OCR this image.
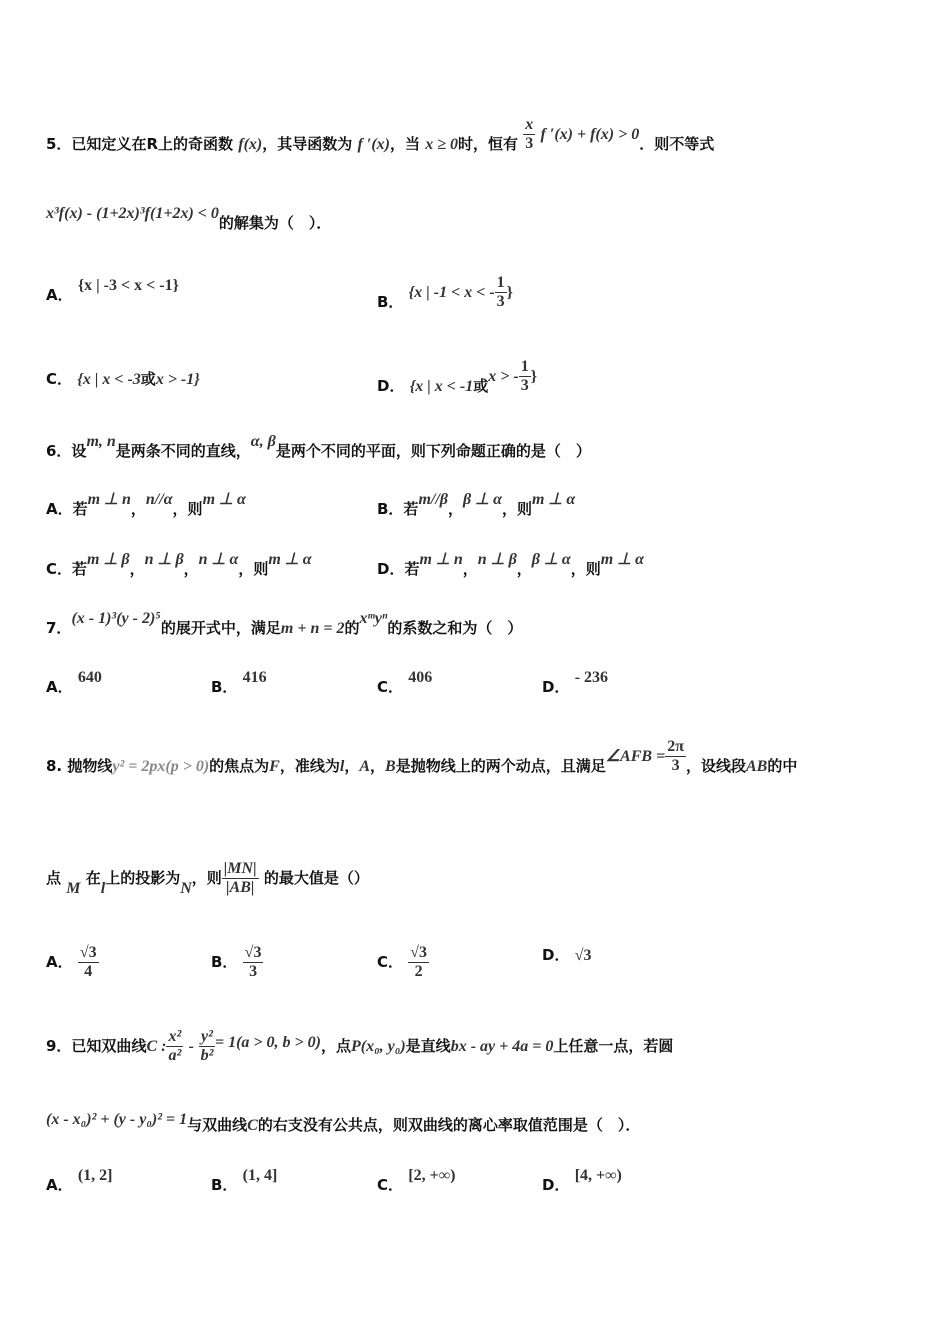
5．已知定义在R上的奇函数 f(x)，其导函数为 f ′(x)，当 x ≥ 0时，恒有 $\frac{x}{3}$ f ′(x) + f(x) > 0．则不等式
x³f(x) - (1+2x)³f(1+2x) < 0的解集为（　）．
A． {x | -3 < x < -1}
B． {x | -1 < x < - $\frac{1}{3}$ }
C． {x | x < -3或x > -1}	D． {x | x < -1或x > - $\frac{1}{3}$ }
6．设m, n是两条不同的直线，α, β是两个不同的平面，则下列命题正确的是（　）
A．若m ⊥ n，n//α，则m ⊥ α
B．若m//β，β ⊥ α，则m ⊥ α
C．若m ⊥ β，n ⊥ β，n ⊥ α，则m ⊥ α
D．若m ⊥ n，n ⊥ β，β ⊥ α，则m ⊥ α
7．(x - 1)³(y - 2)⁵的展开式中，满足m + n = 2的xᵐyⁿ的系数之和为（　）
A． 640
B． 416
C． 406
D． - 236
8. 抛物线y² = 2px(p > 0)的焦点为F，准线为l，A，B是抛物线上的两个动点，且满足∠AFB = $\frac{2\pi}{3}$ ，设线段AB的中
点 M 在l上的投影为N，则 $\frac{|MN|}{|AB|}$ 的最大值是（）
A． $\frac{√3}{4}$	B． $\frac{√3}{3}$	C． $\frac{√3}{2}$	D． √3
9．已知双曲线C : $\frac{\text{x²}}{\text{a²}} - \frac{\text{y²}}{\text{b²}} = 1(a > 0$, b > 0)，点P(x₀, y₀)是直线bx - ay + 4a = 0上任意一点，若圆
(x - x₀)² + (y - y₀)² = 1与双曲线C的右支没有公共点，则双曲线的离心率取值范围是（　）．
A． (1, 2]
B． (1, 4]
C． [2, +∞)
D． [4, +∞)
